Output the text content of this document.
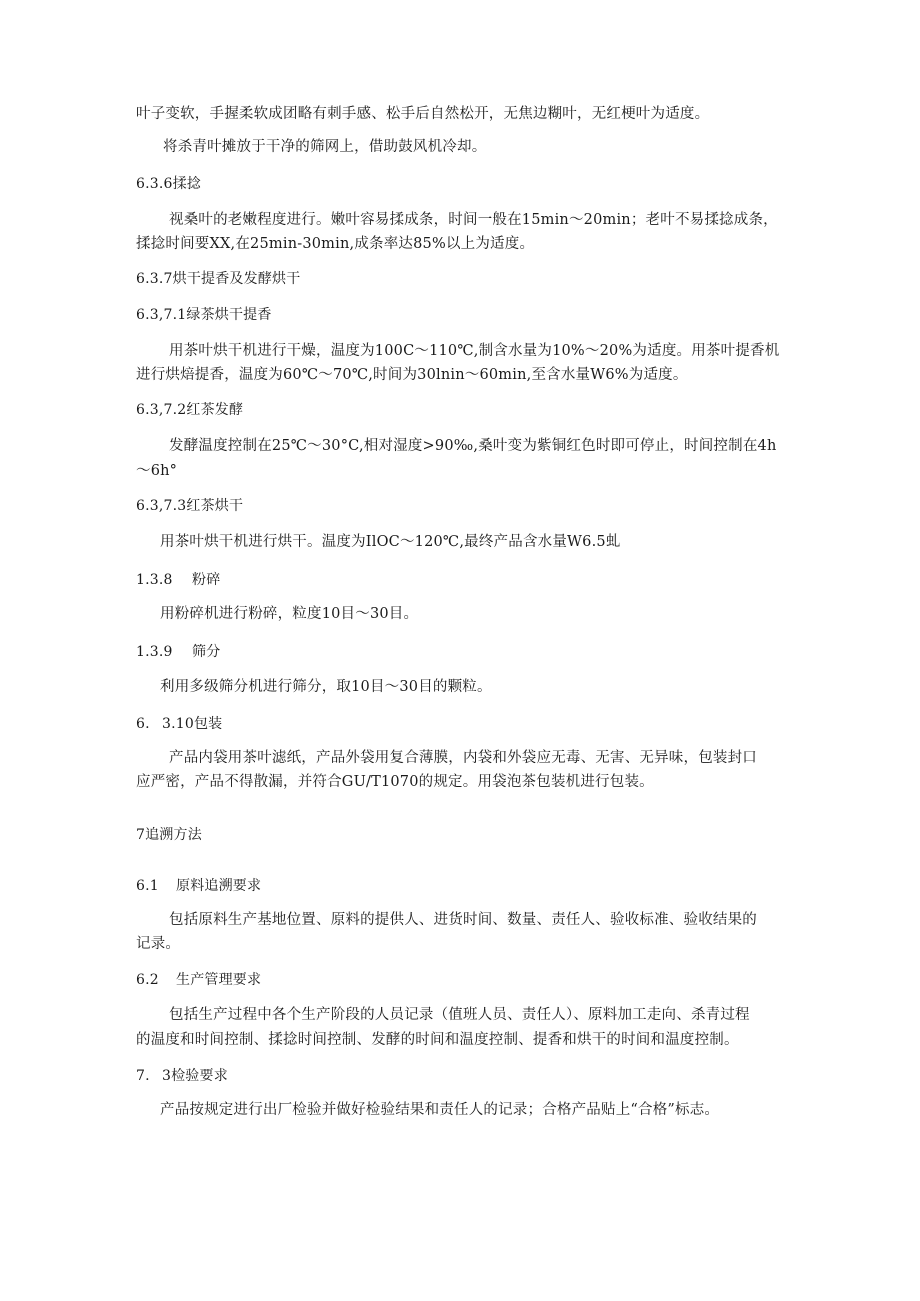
叶子变软，手握柔软成团略有刺手感、松手后自然松开，无焦边糊叶，无红梗叶为适度。
将杀青叶摊放于干净的筛网上，借助鼓风机冷却。
6.3.6揉捻
视桑叶的老嫩程度进行。嫩叶容易揉成条，时间一般在15min～20min；老叶不易揉捻成条，
揉捻时间要XX,在25min-30min,成条率达85%以上为适度。
6.3.7烘干提香及发酵烘干
6.3,7.1绿茶烘干提香
用茶叶烘干机进行干燥，温度为100C～110℃,制含水量为10%～20%为适度。用茶叶提香机
进行烘焙提香，温度为60℃～70℃,时间为30lnin～60min,至含水量W6%为适度。
6.3,7.2红茶发酵
发酵温度控制在25℃～30°C,相对湿度>90‰,桑叶变为紫铜红色时即可停止，时间控制在4h
～6h°
6.3,7.3红茶烘干
用茶叶烘干机进行烘干。温度为IlOC～120℃,最终产品含水量W6.5虬
1.3.8 粉碎
用粉碎机进行粉碎，粒度10目～30目。
1.3.9 筛分
利用多级筛分机进行筛分，取10目～30目的颗粒。
6. 3.10包装
产品内袋用茶叶滤纸，产品外袋用复合薄膜，内袋和外袋应无毒、无害、无异味，包装封口
应严密，产品不得散漏，并符合GU/T1070的规定。用袋泡茶包装机进行包装。
7追溯方法
6.1 原料追溯要求
包括原料生产基地位置、原料的提供人、进货时间、数量、责任人、验收标准、验收结果的
记录。
6.2 生产管理要求
包括生产过程中各个生产阶段的人员记录（值班人员、责任人）、原料加工走向、杀青过程
的温度和时间控制、揉捻时间控制、发酵的时间和温度控制、提香和烘干的时间和温度控制。
7. 3检验要求
产品按规定进行出厂检验并做好检验结果和责任人的记录；合格产品贴上“合格”标志。
